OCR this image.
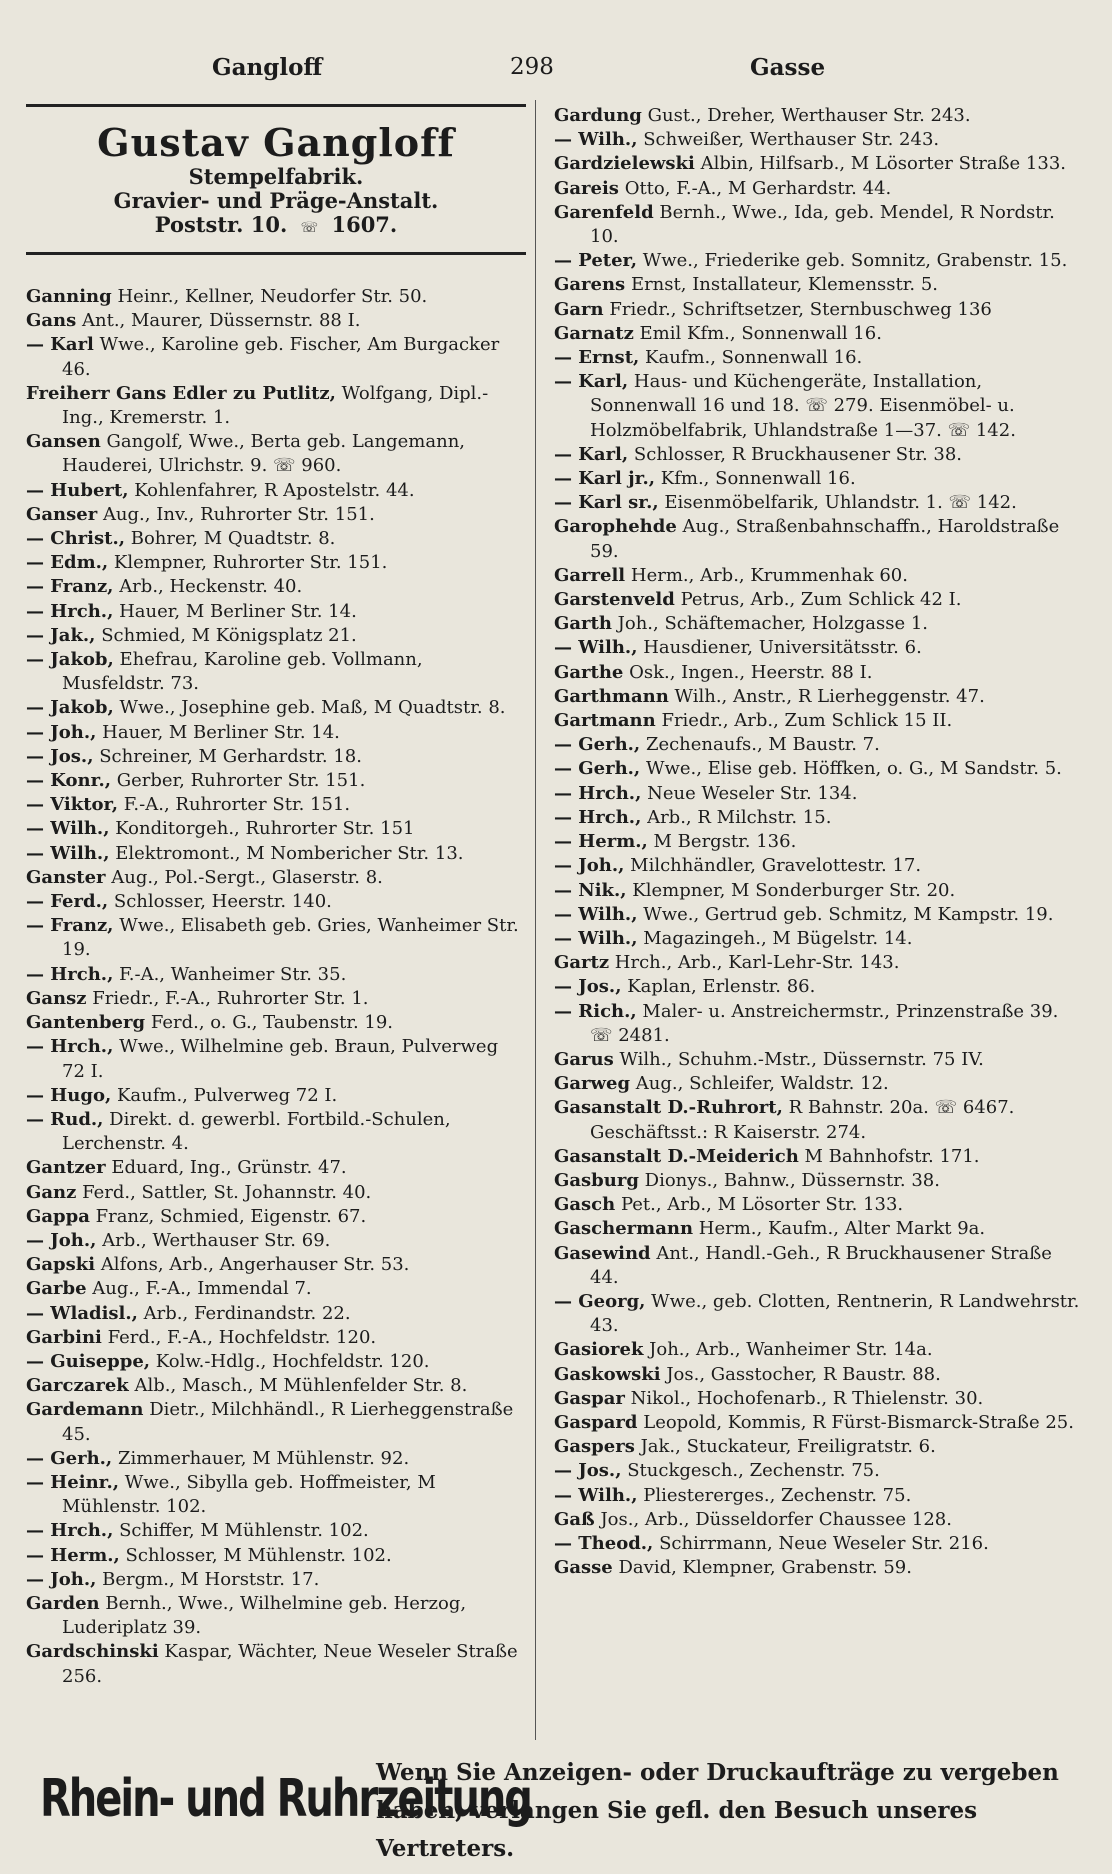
Gangloff	298	Gasse
Gustav Gangloff
Stempelfabrik.
Gravier- und Präge-Anstalt.
Poststr. 10. ☏ 1607.
Ganning Heinr., Kellner, Neudorfer Str. 50.
Gans Ant., Maurer, Düssernstr. 88 I.
— Karl Wwe., Karoline geb. Fischer, Am Burgacker 46.
Freiherr Gans Edler zu Putlitz, Wolfgang, Dipl.-Ing., Kremerstr. 1.
Gansen Gangolf, Wwe., Berta geb. Langemann, Hauderei, Ulrichstr. 9. ☏ 960.
— Hubert, Kohlenfahrer, R Apostelstr. 44.
Ganser Aug., Inv., Ruhrorter Str. 151.
— Christ., Bohrer, M Quadtstr. 8.
— Edm., Klempner, Ruhrorter Str. 151.
— Franz, Arb., Heckenstr. 40.
— Hrch., Hauer, M Berliner Str. 14.
— Jak., Schmied, M Königsplatz 21.
— Jakob, Ehefrau, Karoline geb. Vollmann, Musfeldstr. 73.
— Jakob, Wwe., Josephine geb. Maß, M Quadtstr. 8.
— Joh., Hauer, M Berliner Str. 14.
— Jos., Schreiner, M Gerhardstr. 18.
— Konr., Gerber, Ruhrorter Str. 151.
— Viktor, F.-A., Ruhrorter Str. 151.
— Wilh., Konditorgeh., Ruhrorter Str. 151
— Wilh., Elektromont., M Nombericher Str. 13.
Ganster Aug., Pol.-Sergt., Glaserstr. 8.
— Ferd., Schlosser, Heerstr. 140.
— Franz, Wwe., Elisabeth geb. Gries, Wanheimer Str. 19.
— Hrch., F.-A., Wanheimer Str. 35.
Gansz Friedr., F.-A., Ruhrorter Str. 1.
Gantenberg Ferd., o. G., Taubenstr. 19.
— Hrch., Wwe., Wilhelmine geb. Braun, Pulverweg 72 I.
— Hugo, Kaufm., Pulverweg 72 I.
— Rud., Direkt. d. gewerbl. Fortbild.-Schulen, Lerchenstr. 4.
Gantzer Eduard, Ing., Grünstr. 47.
Ganz Ferd., Sattler, St. Johannstr. 40.
Gappa Franz, Schmied, Eigenstr. 67.
— Joh., Arb., Werthauser Str. 69.
Gapski Alfons, Arb., Angerhauser Str. 53.
Garbe Aug., F.-A., Immendal 7.
— Wladisl., Arb., Ferdinandstr. 22.
Garbini Ferd., F.-A., Hochfeldstr. 120.
— Guiseppe, Kolw.-Hdlg., Hochfeldstr. 120.
Garczarek Alb., Masch., M Mühlenfelder Str. 8.
Gardemann Dietr., Milchhändl., R Lierheggenstraße 45.
— Gerh., Zimmerhauer, M Mühlenstr. 92.
— Heinr., Wwe., Sibylla geb. Hoffmeister, M Mühlenstr. 102.
— Hrch., Schiffer, M Mühlenstr. 102.
— Herm., Schlosser, M Mühlenstr. 102.
— Joh., Bergm., M Horststr. 17.
Garden Bernh., Wwe., Wilhelmine geb. Herzog, Luderiplatz 39.
Gardschinski Kaspar, Wächter, Neue Weseler Straße 256.
Gardung Gust., Dreher, Werthauser Str. 243.
— Wilh., Schweißer, Werthauser Str. 243.
Gardzielewski Albin, Hilfsarb., M Lösorter Straße 133.
Gareis Otto, F.-A., M Gerhardstr. 44.
Garenfeld Bernh., Wwe., Ida, geb. Mendel, R Nordstr. 10.
— Peter, Wwe., Friederike geb. Somnitz, Grabenstr. 15.
Garens Ernst, Installateur, Klemensstr. 5.
Garn Friedr., Schriftsetzer, Sternbuschweg 136
Garnatz Emil Kfm., Sonnenwall 16.
— Ernst, Kaufm., Sonnenwall 16.
— Karl, Haus- und Küchengeräte, Installation, Sonnenwall 16 und 18. ☏ 279. Eisenmöbel- u. Holzmöbelfabrik, Uhlandstraße 1—37. ☏ 142.
— Karl, Schlosser, R Bruckhausener Str. 38.
— Karl jr., Kfm., Sonnenwall 16.
— Karl sr., Eisenmöbelfarik, Uhlandstr. 1. ☏ 142.
Garophehde Aug., Straßenbahnschaffn., Haroldstraße 59.
Garrell Herm., Arb., Krummenhak 60.
Garstenveld Petrus, Arb., Zum Schlick 42 I.
Garth Joh., Schäftemacher, Holzgasse 1.
— Wilh., Hausdiener, Universitätsstr. 6.
Garthe Osk., Ingen., Heerstr. 88 I.
Garthmann Wilh., Anstr., R Lierheggenstr. 47.
Gartmann Friedr., Arb., Zum Schlick 15 II.
— Gerh., Zechenaufs., M Baustr. 7.
— Gerh., Wwe., Elise geb. Höffken, o. G., M Sandstr. 5.
— Hrch., Neue Weseler Str. 134.
— Hrch., Arb., R Milchstr. 15.
— Herm., M Bergstr. 136.
— Joh., Milchhändler, Gravelottestr. 17.
— Nik., Klempner, M Sonderburger Str. 20.
— Wilh., Wwe., Gertrud geb. Schmitz, M Kampstr. 19.
— Wilh., Magazingeh., M Bügelstr. 14.
Gartz Hrch., Arb., Karl-Lehr-Str. 143.
— Jos., Kaplan, Erlenstr. 86.
— Rich., Maler- u. Anstreichermstr., Prinzenstraße 39. ☏ 2481.
Garus Wilh., Schuhm.-Mstr., Düssernstr. 75 IV.
Garweg Aug., Schleifer, Waldstr. 12.
Gasanstalt D.-Ruhrort, R Bahnstr. 20a. ☏ 6467. Geschäftsst.: R Kaiserstr. 274.
Gasanstalt D.-Meiderich M Bahnhofstr. 171.
Gasburg Dionys., Bahnw., Düssernstr. 38.
Gasch Pet., Arb., M Lösorter Str. 133.
Gaschermann Herm., Kaufm., Alter Markt 9a.
Gasewind Ant., Handl.-Geh., R Bruckhausener Straße 44.
— Georg, Wwe., geb. Clotten, Rentnerin, R Landwehrstr. 43.
Gasiorek Joh., Arb., Wanheimer Str. 14a.
Gaskowski Jos., Gasstocher, R Baustr. 88.
Gaspar Nikol., Hochofenarb., R Thielenstr. 30.
Gaspard Leopold, Kommis, R Fürst-Bismarck-Straße 25.
Gaspers Jak., Stuckateur, Freiligratstr. 6.
— Jos., Stuckgesch., Zechenstr. 75.
— Wilh., Pliestererges., Zechenstr. 75.
Gaß Jos., Arb., Düsseldorfer Chaussee 128.
— Theod., Schirrmann, Neue Weseler Str. 216.
Gasse David, Klempner, Grabenstr. 59.
Rhein- und Ruhrzeitung
Wenn Sie Anzeigen- oder Druckaufträge zu vergeben
haben, verlangen Sie gefl. den Besuch unseres Vertreters.
